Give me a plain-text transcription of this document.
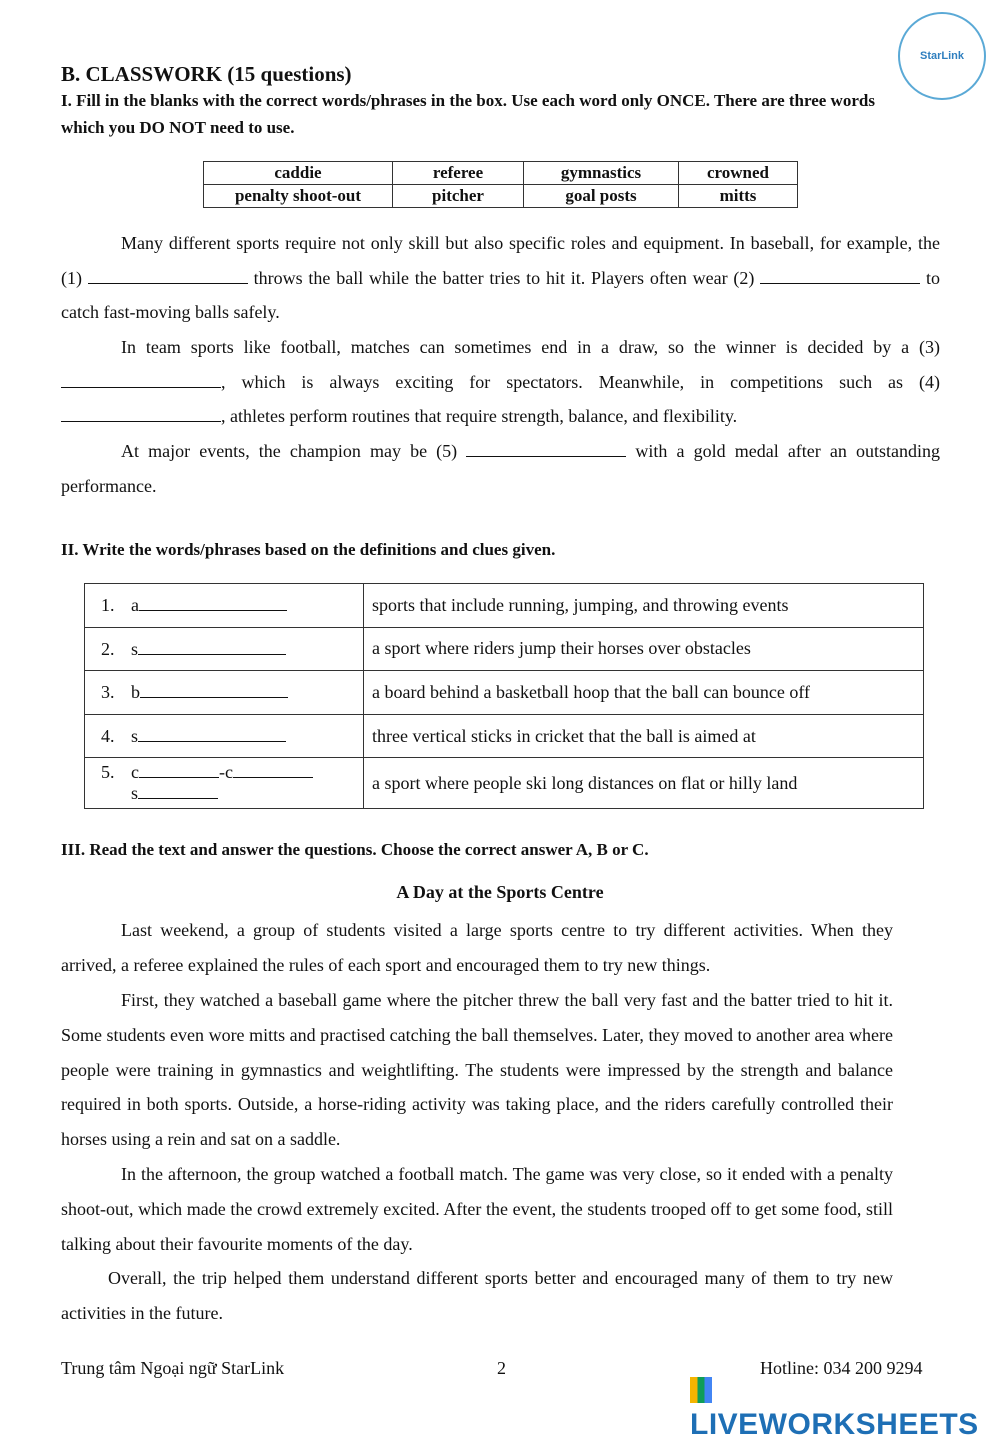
StarLink
B. CLASSWORK (15 questions)
I. Fill in the blanks with the correct words/phrases in the box. Use each word only ONCE. There are three words which you DO NOT need to use.
caddie	referee	gymnastics	crowned
penalty shoot-out	pitcher	goal posts	mitts
Many different sports require not only skill but also specific roles and equipment. In baseball, for example, the (1)	throws the ball while the batter tries to hit it. Players often wear (2)	to catch fast-moving balls safely.
In team sports like football, matches can sometimes end in a draw, so the winner is decided by a (3) , which is always exciting for spectators. Meanwhile, in competitions such as (4) , athletes perform routines that require strength, balance, and flexibility.
At major events, the champion may be (5)	with a gold medal after an outstanding performance.
II. Write the words/phrases based on the definitions and clues given.
1. a	sports that include running, jumping, and throwing events
2. s	a sport where riders jump their horses over obstacles
3. b	a board behind a basketball hoop that the ball can bounce off
4. s	three vertical sticks in cricket that the ball is aimed at
5. c -c
s	a sport where people ski long distances on flat or hilly land
III. Read the text and answer the questions. Choose the correct answer A, B or C.
A Day at the Sports Centre
Last weekend, a group of students visited a large sports centre to try different activities. When they arrived, a referee explained the rules of each sport and encouraged them to try new things.
First, they watched a baseball game where the pitcher threw the ball very fast and the batter tried to hit it. Some students even wore mitts and practised catching the ball themselves. Later, they moved to another area where people were training in gymnastics and weightlifting. The students were impressed by the strength and balance required in both sports. Outside, a horse-riding activity was taking place, and the riders carefully controlled their horses using a rein and sat on a saddle.
In the afternoon, the group watched a football match. The game was very close, so it ended with a penalty shoot-out, which made the crowd extremely excited. After the event, the students trooped off to get some food, still talking about their favourite moments of the day.
Overall, the trip helped them understand different sports better and encouraged many of them to try new activities in the future.
Trung tâm Ngoại ngữ StarLink	2	Hotline: 034 200 9294
LIVEWORKSHEETS
